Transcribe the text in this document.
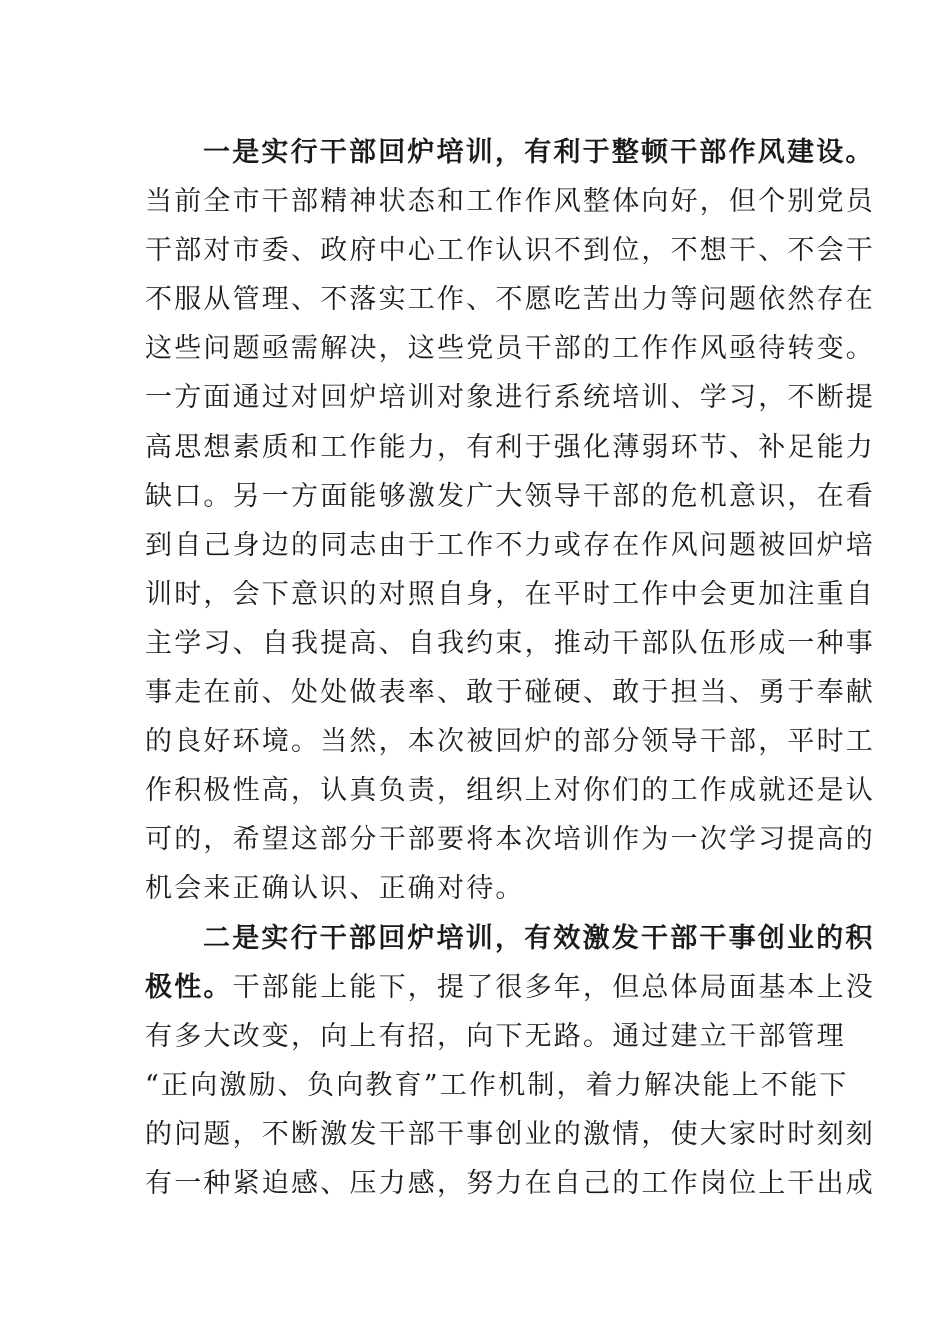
一是实行干部回炉培训，有利于整顿干部作风建设。
当前全市干部精神状态和工作作风整体向好，但个别党员
干部对市委、政府中心工作认识不到位，不想干、不会干
不服从管理、不落实工作、不愿吃苦出力等问题依然存在
这些问题亟需解决，这些党员干部的工作作风亟待转变。
一方面通过对回炉培训对象进行系统培训、学习，不断提
高思想素质和工作能力，有利于强化薄弱环节、补足能力
缺口。另一方面能够激发广大领导干部的危机意识，在看
到自己身边的同志由于工作不力或存在作风问题被回炉培
训时，会下意识的对照自身，在平时工作中会更加注重自
主学习、自我提高、自我约束，推动干部队伍形成一种事
事走在前、处处做表率、敢于碰硬、敢于担当、勇于奉献
的良好环境。当然，本次被回炉的部分领导干部，平时工
作积极性高，认真负责，组织上对你们的工作成就还是认
可的，希望这部分干部要将本次培训作为一次学习提高的
机会来正确认识、正确对待。
二是实行干部回炉培训，有效激发干部干事创业的积
极性。干部能上能下，提了很多年，但总体局面基本上没
有多大改变，向上有招，向下无路。通过建立干部管理
“正向激励、负向教育”工作机制，着力解决能上不能下
的问题，不断激发干部干事创业的激情，使大家时时刻刻
有一种紧迫感、压力感，努力在自己的工作岗位上干出成
